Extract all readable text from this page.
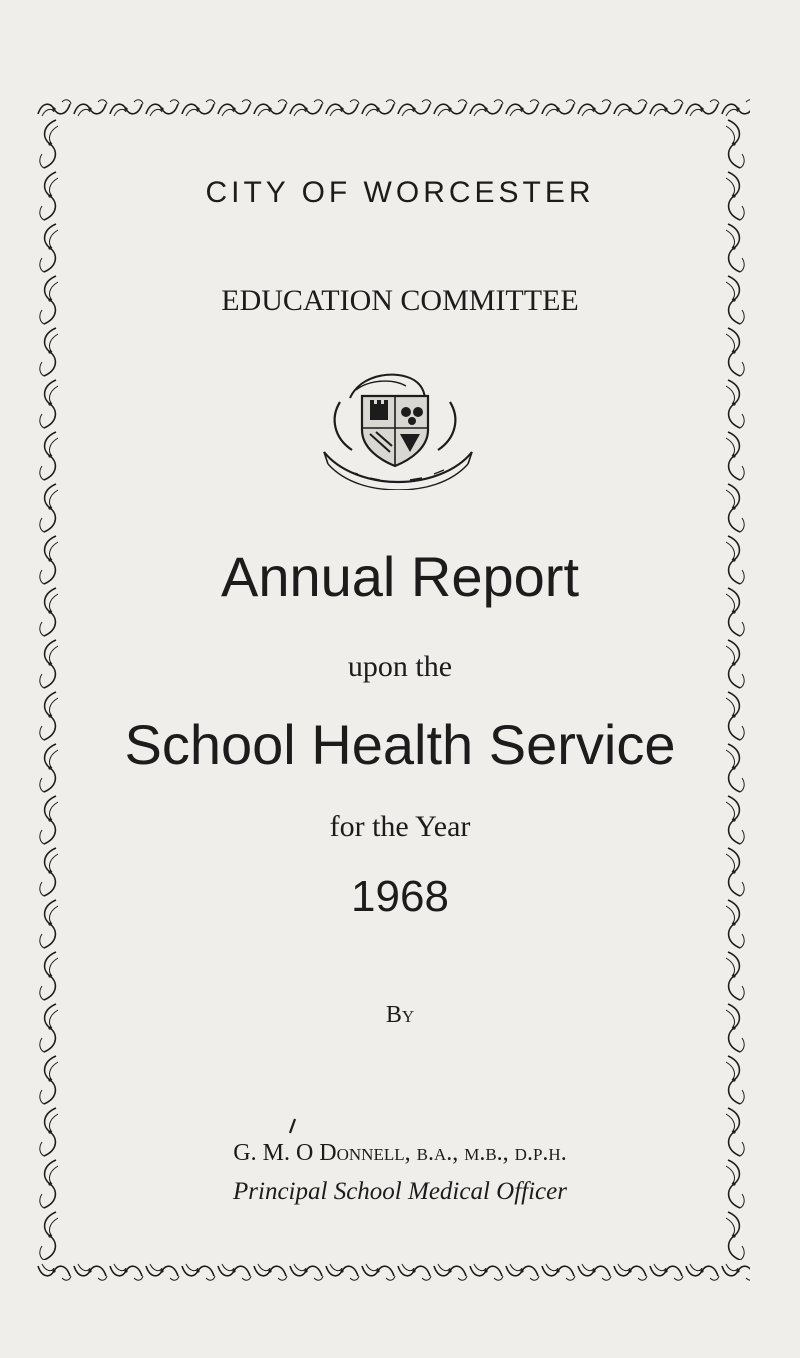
CITY OF WORCESTER
EDUCATION COMMITTEE
Annual Report
upon the
School Health Service
for the Year
1968
By
G. M. O Donnell, b.a., m.b., d.p.h.
Principal School Medical Officer
